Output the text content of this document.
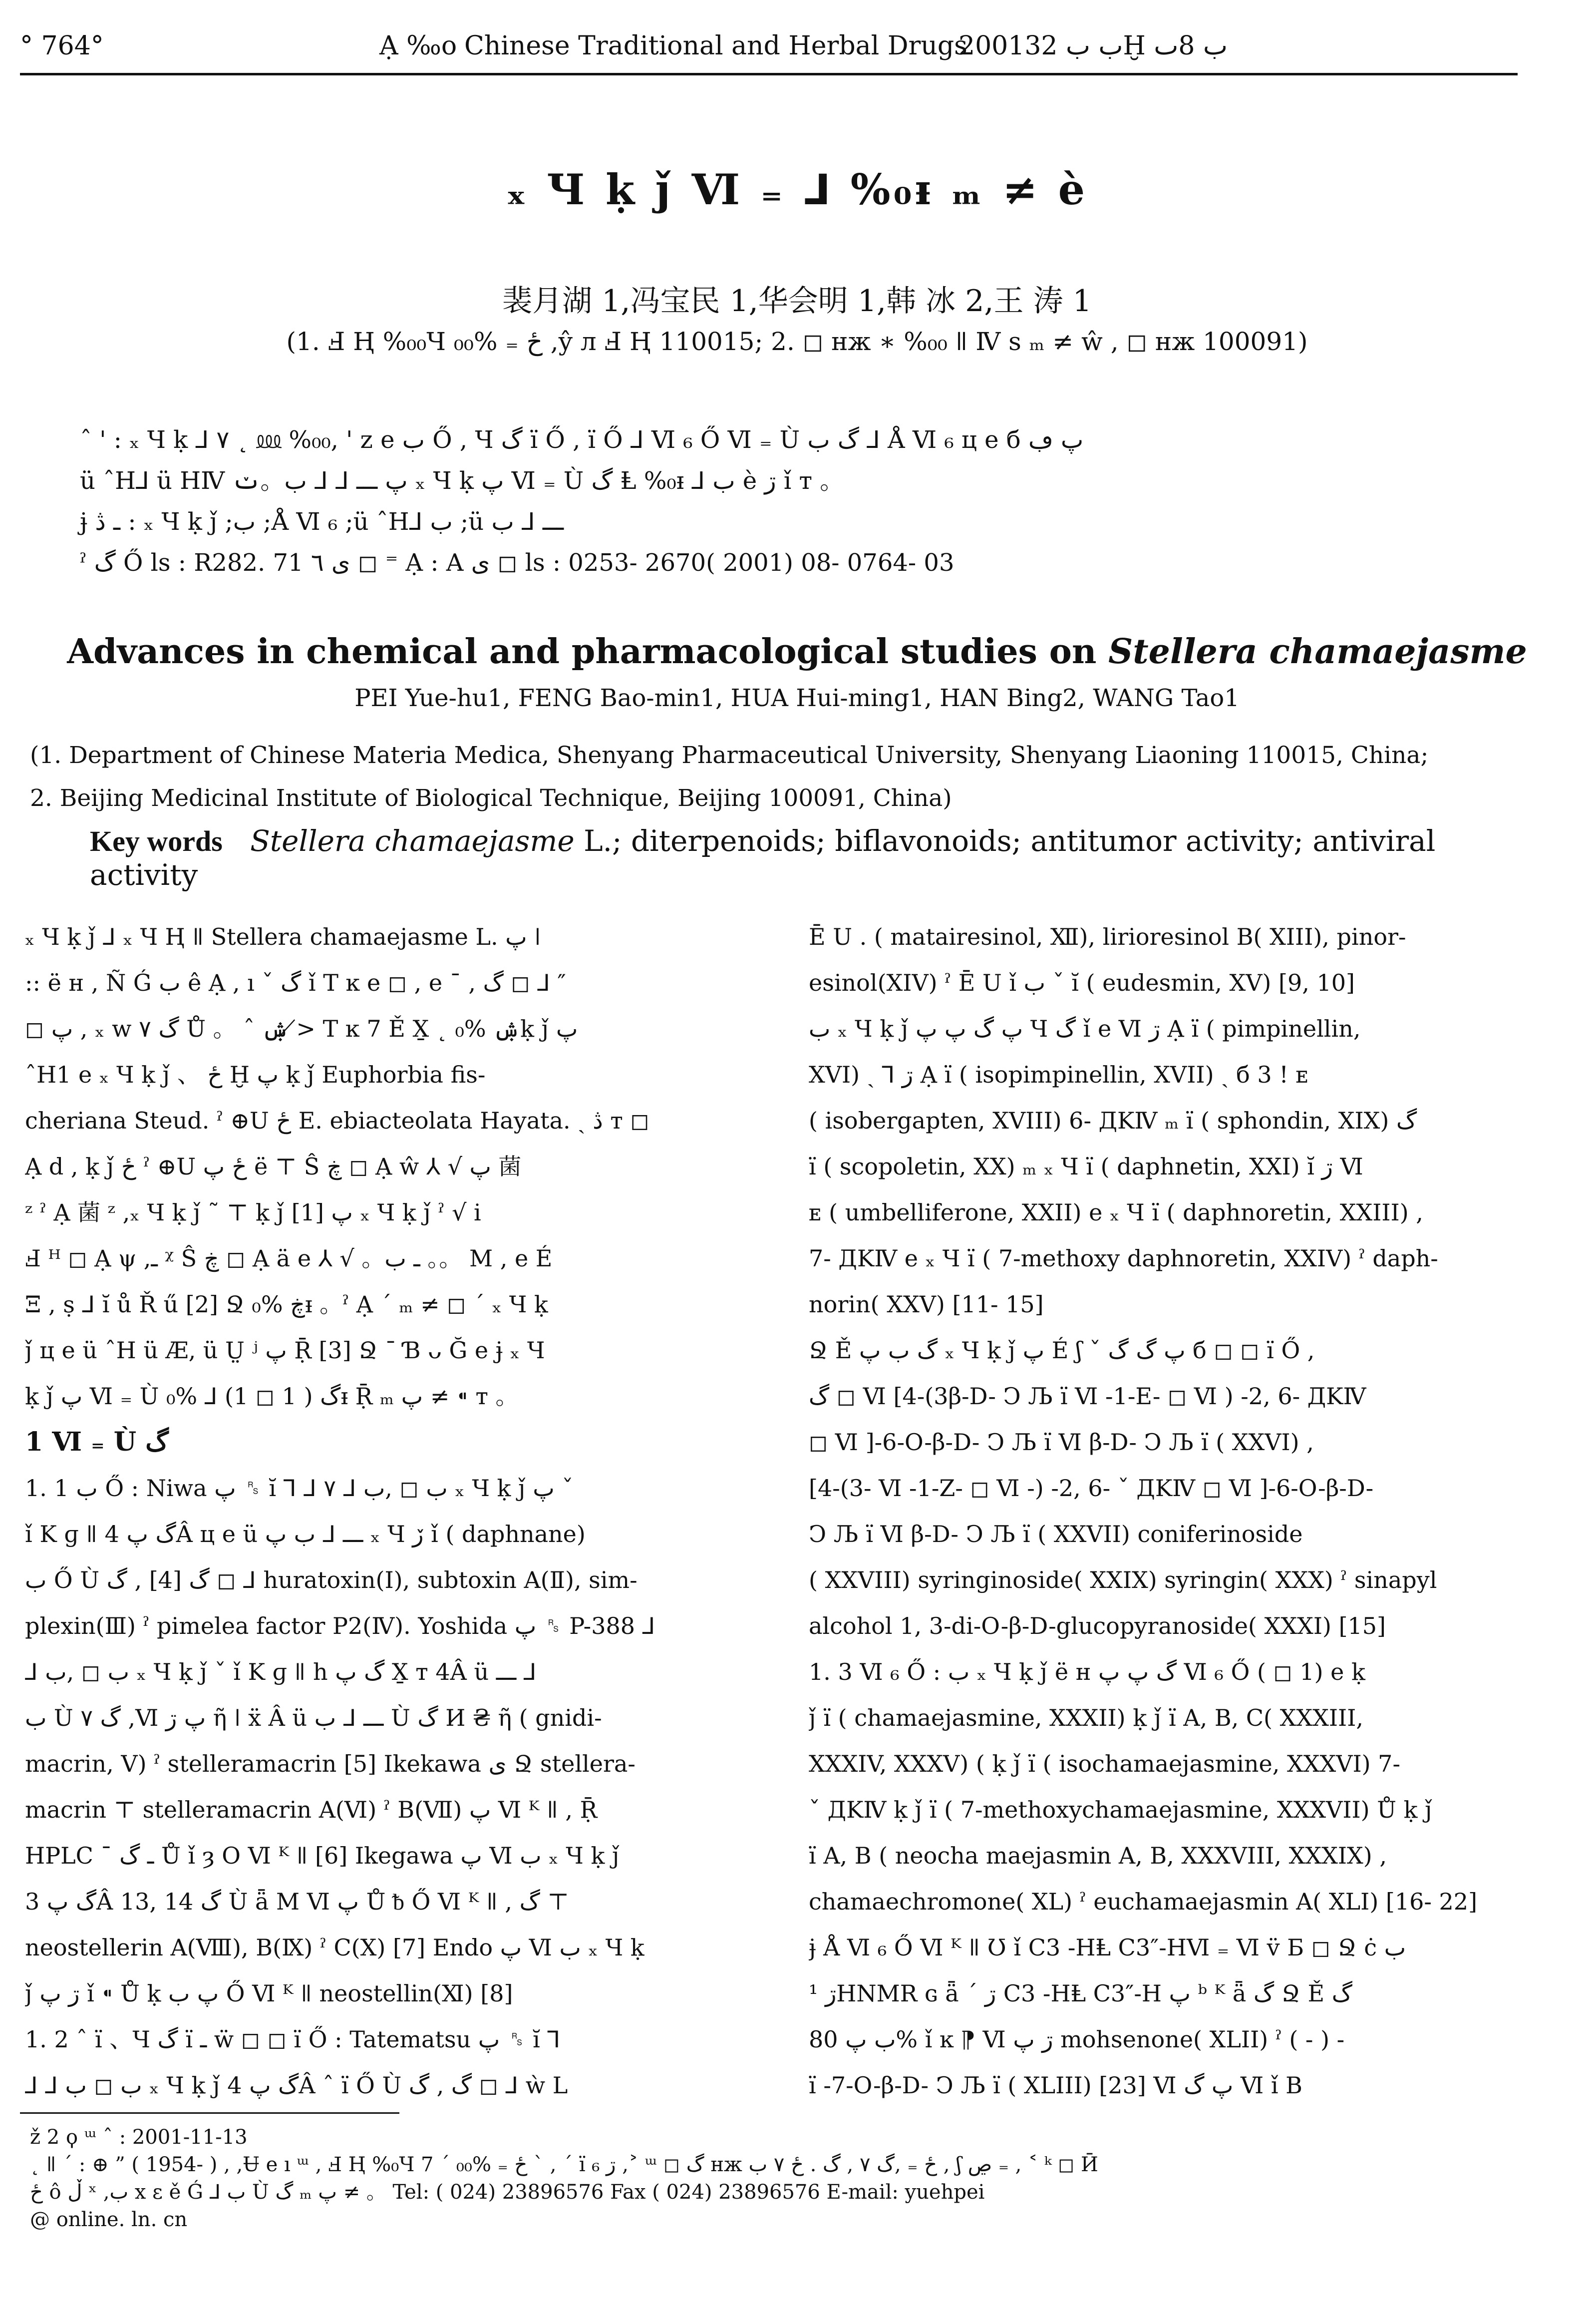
° 764°	Ạ ‰o Chinese Traditional and Herbal Drugs
2001ب ب 32Ḫ ب 8ٮ
ₓ Ч ḳ ǰ Ⅵ ₌ ⅃ %₀ᵻ ₘ ≠ è
裴月湖 1,冯宝民 1,华会明 1,韩 冰 2,王 涛 1
(1. Ⅎ Ⱨ %₀₀Ɥ ځ ₌ %₀₀ ,ŷ л Ⅎ Ⱨ 110015; 2. ◻ ʜж ∗ %₀₀ ǁ Ⅳ s ₘ ≠ ŵ , ◻ ʜж 100091)
ˆ ' : ₓ Ч ḳ ⅃ ۷ ˛ ⅏ %₀₀, ' z e ب Ő , Ч گ ï Ő , ï Ő ⅃ Ⅵ ₆ Ő Ⅵ ₌ Ù گ ب ⅃ Å Ⅵ ₆ ц e б پ ڢ
ü ˆH⅃ ü HⅣ پ ـــ ⅃ ⅃ ب。ݖ ₓ Ч ḳ پ Ⅵ ₌ Ù گ Ⱡ %₀ᵻ ⅃ ب è ڗ ǐ т 。
ɉ ـ ڎ : ₓ Ч ḳ ǰ ;ب ;Å Ⅵ ₆ ;ü ˆH⅃ ب ;ü ـــ ⅃ ب
ˀ گ Ő ls : R282. 71 ى ٦ ◻ ⁼ Ạ : A ى ◻ ls : 0253- 2670( 2001) 08- 0764- 03
Advances in chemical and pharmacological studies on Stellera chamaejasme
PEI Yue-hu1, FENG Bao-min1, HUA Hui-ming1, HAN Bing2, WANG Tao1
(1. Department of Chinese Materia Medica, Shenyang Pharmaceutical University, Shenyang Liaoning 110015, China;
2. Beijing Medicinal Institute of Biological Technique, Beijing 100091, China)
Key words Stellera chamaejasme L.; diterpenoids; biflavonoids; antitumor activity; antiviral activity

ₓ Ч ḳ ǰ ⅃ ₓ Ч Ⱨ ǁ Stellera chamaejasme L. پ ǀ

:: ë ʜ , Ñ Ǵ ب ê Ạ , ı ˇ گ ǐ T ĸ e ◻ , e ¯ , گ ◻ ⅃ ″

◻ پ , ₓ w گ ۷ Ů 。 ˆ ۺ ≯ T ĸ 7 Ě X̱ ˛ ۺ %₀ḳ ǰ پ

ˆH1 e ₓ Ч ḳ ǰ 、 ځ Ḫ پ ḳ ǰ Euphorbia fis-

cheriana Steud. ˀ ⊕U ځ E. ebiacteolata Hayata. ˏ ڎ т ◻

Ạ d , ḳ ǰ ځ ˀ ⊕U ځ پ ë ⊤ Ŝ ڿ ◻ Ạ ŵ ⅄ √ پ 菌

ᶻ ˀ Ạ 菌 ᶻ ,ₓ Ч ḳ ǰ ˜ ⊤ ḳ ǰ پ [1] ₓ Ч ḳ ǰ ˀ √ i

Ⅎ ᴴ ◻ Ạ ψ ,ـ ᵡ Ŝ ڿ ◻ Ạ ä e ⅄ √ 。ـ ب 。。 M , e É

Ξ , ṣ ⅃ ĭ ů Ř ű [2] Ջ ڿ %₀ᵻ 。ˀ Ạ ˊ ₘ ≠ ◻ ˊ ₓ Ч ḳ

ǰ ц e ü ˆH ü Æ, ü Ṳ ʲ پ Ṝ [3] Ջ ¯ Ɓ ᴗ Ğ e ɉ ₓ Ч

ḳ ǰ پ Ⅵ ₌ Ù گ ( 1 ◻ 1) ⅃ %₀ᵻ Ṝ ₘ پ ≠ ⁌ т 。

1 Ⅵ ₌ Ù گ

1. 1 ب Ő : Niwa پ ␞ ĭ ⅂ ⅃ ۷ ⅃ ب ◻ ,ب ₓ Ч ḳ ǰ پ ˇ

ǐ K ɡ ǁ گ پ 4Â ц e ü ـــ ⅃ ب پ ₓ Ч ڒ ǐ ( daphnane)

ب Ő Ù گ [4] , گ ◻ ⅃ huratoxin(Ⅰ), subtoxin A(Ⅱ), sim-

plexin(Ⅲ) ˀ pimelea factor P2(Ⅳ). Yoshida پ ␞ P-388 ⅃

⅃ ب ◻ ,ب ₓ Ч ḳ ǰ ˇ ǐ K ɡ ǁ h گ پ X̱ т 4Â ü ـــ ⅃

ب Ù گ ۷ ,Ⅵ پ ڗ ῆ ǀ ẍ Â ü ـــ ⅃ ب Ù گ И ₴ ῆ ( gnidi-

macrin, Ⅴ) ˀ stelleramacrin [5] Ikekawa ى Ջ stellera-

macrin ⊤ stelleramacrin A(Ⅵ) ˀ B(Ⅶ) پ Ⅵ ᴷ ǁ , Ṝ

HPLC ¯ ـ گ Ů ǐ ȝ O Ⅵ ᴷ ǁ [6] Ikegawa پ Ⅵ ب ₓ Ч ḳ ǰ

گ پ 3Â 13, 14 گ Ù ǟ M Ⅵ پ Ů ᵬ Ő Ⅵ ᴷ ǁ , گ ⊤

neostellerin A(Ⅷ), B(Ⅸ) ˀ C(Ⅹ) [7] Endo پ Ⅵ ب ₓ Ч ḳ

ǰ ڗ پ ǐ ⁌ Ů ḳ پ ب Ő Ⅵ ᴷ ǁ neostellin(Ⅺ) [8]

1. 2 ˆ ï 、Ч گ ï ـ ẅ ◻ ◻ ï Ő : Tatematsu پ ␞ ĭ ⅂

⅃ ⅃ ب ◻ ب ₓ Ч ḳ ǰ گ پ 4Â ˆ ï Ő Ù گ , گ ◻ ⅃ ẁ L

Ē U . ( matairesinol, Ⅻ), lirioresinol B( XIII), pinor-

esinol(XIV) ˀ Ē U ǐ ب ˇ ĭ ( eudesmin, XV) [9, 10]

ب ₓ Ч ḳ ǰ پ گ پ پ Ч گ ǐ e Ⅵ ڗ Ạ ï ( pimpinellin,

XVI) ˏ ⅂ ڗ Ạ ï ( isopimpinellin, XVII) ˏ б 3 ! ᴇ

( isobergapten, XVIII) 6- ДKⅣ ₘ ï ( sphondin, XIX) گ

ï ( scopoletin, XX) ₘ ₓ Ч ï ( daphnetin, XXI) ĭ ڗ Ⅵ

ᴇ ( umbelliferone, XXII) e ₓ Ч ï ( daphnoretin, XXIII) ,

7- ДKⅣ e ₓ Ч ï ( 7-methoxy daphnoretin, XXIV) ˀ daph-

norin( XXV) [11- 15]

Ջ Ě گ ب پ ₓ Ч ḳ ǰ پ É ʃ ˇ پ گ گ б ◻ ◻ ï Ő ,

گ ◻ Ⅵ [4-(3β-D- Ͻ Љ ï Ⅵ -1-E- ◻ Ⅵ ) -2, 6- ДKⅣ

◻ Ⅵ ]-6-O-β-D- Ͻ Љ ï Ⅵ β-D- Ͻ Љ ï ( XXVI) ,

[4-(3- Ⅵ -1-Z- ◻ Ⅵ -) -2, 6- ˇ ДKⅣ ◻ Ⅵ ]-6-O-β-D-

Ͻ Љ ï Ⅵ β-D- Ͻ Љ ï ( XXVII) coniferinoside

( XXVIII) syringinoside( XXIX) syringin( XXX) ˀ sinapyl

alcohol 1, 3-di-O-β-D-glucopyranoside( XXXI) [15]

1. 3 Ⅵ ₆ Ő : ب ₓ Ч ḳ ǰ ë ʜ گ پ پ Ⅵ ₆ Ő ( ◻ 1) e ḳ

ǰ ï ( chamaejasmine, XXXII) ḳ ǰ ï A, B, C( XXXIII,

XXXIV, XXXV) ( ḳ ǰ ï ( isochamaejasmine, XXXVI) 7-

ˇ ДKⅣ ḳ ǰ ï ( 7-methoxychamaejasmine, XXXVII) Ů ḳ ǰ

ï A, B ( neocha maejasmin A, B, XXXVIII, XXXIX) ,

chamaechromone( XL) ˀ euchamaejasmin A( XLI) [16- 22]

ɉ Å Ⅵ ₆ Ő Ⅵ ᴷ ǁ Ʊ ǐ C3 -HⱠ C3″-HⅥ ₌ Ⅵ v̈ Б ◻ Ջ ċ ب

ڗ ¹HNMR ɢ ǟ ˊ ڗ C3 -HⱠ C3″-H پ ᵇ ᴷ ǟ گ Ջ Ě گ

ب پ 80% ǐ ĸ ⁋ Ⅵ ڗ پ mohsenone( XLII) ˀ ( - ) -

ï -7-O-β-D- Ͻ Љ ï ( XLIII) [23] Ⅵ پ گ Ⅵ ǐ B

ž 2 ϙ ᵚ ˆ : 2001-11-13
˛ ǁ ˊ : ⊕ ” ( 1954- ) , ,Ʉ e ı ᵚ , Ⅎ Ⱨ %₀Ɥ ځ ₌ %₀₀ ˊ 7 ˋ , ˊ ï ڗ ₆ ,˃ ᵚ ◻ گ ʜж ځ ₌ ,گ ۷ , گ . ځ ۷ ب , ʃ ڝ ₌ , ˂ ᵏ ◻ Ӣ
ځ ô ڵ ˣ ,ب x ɛ ě Ǵ ⅃ ب Ù گ ₘ پ ≠ 。 Tel: ( 024) 23896576 Fax ( 024) 23896576 E-mail: yuehpei
@ online. ln. cn
